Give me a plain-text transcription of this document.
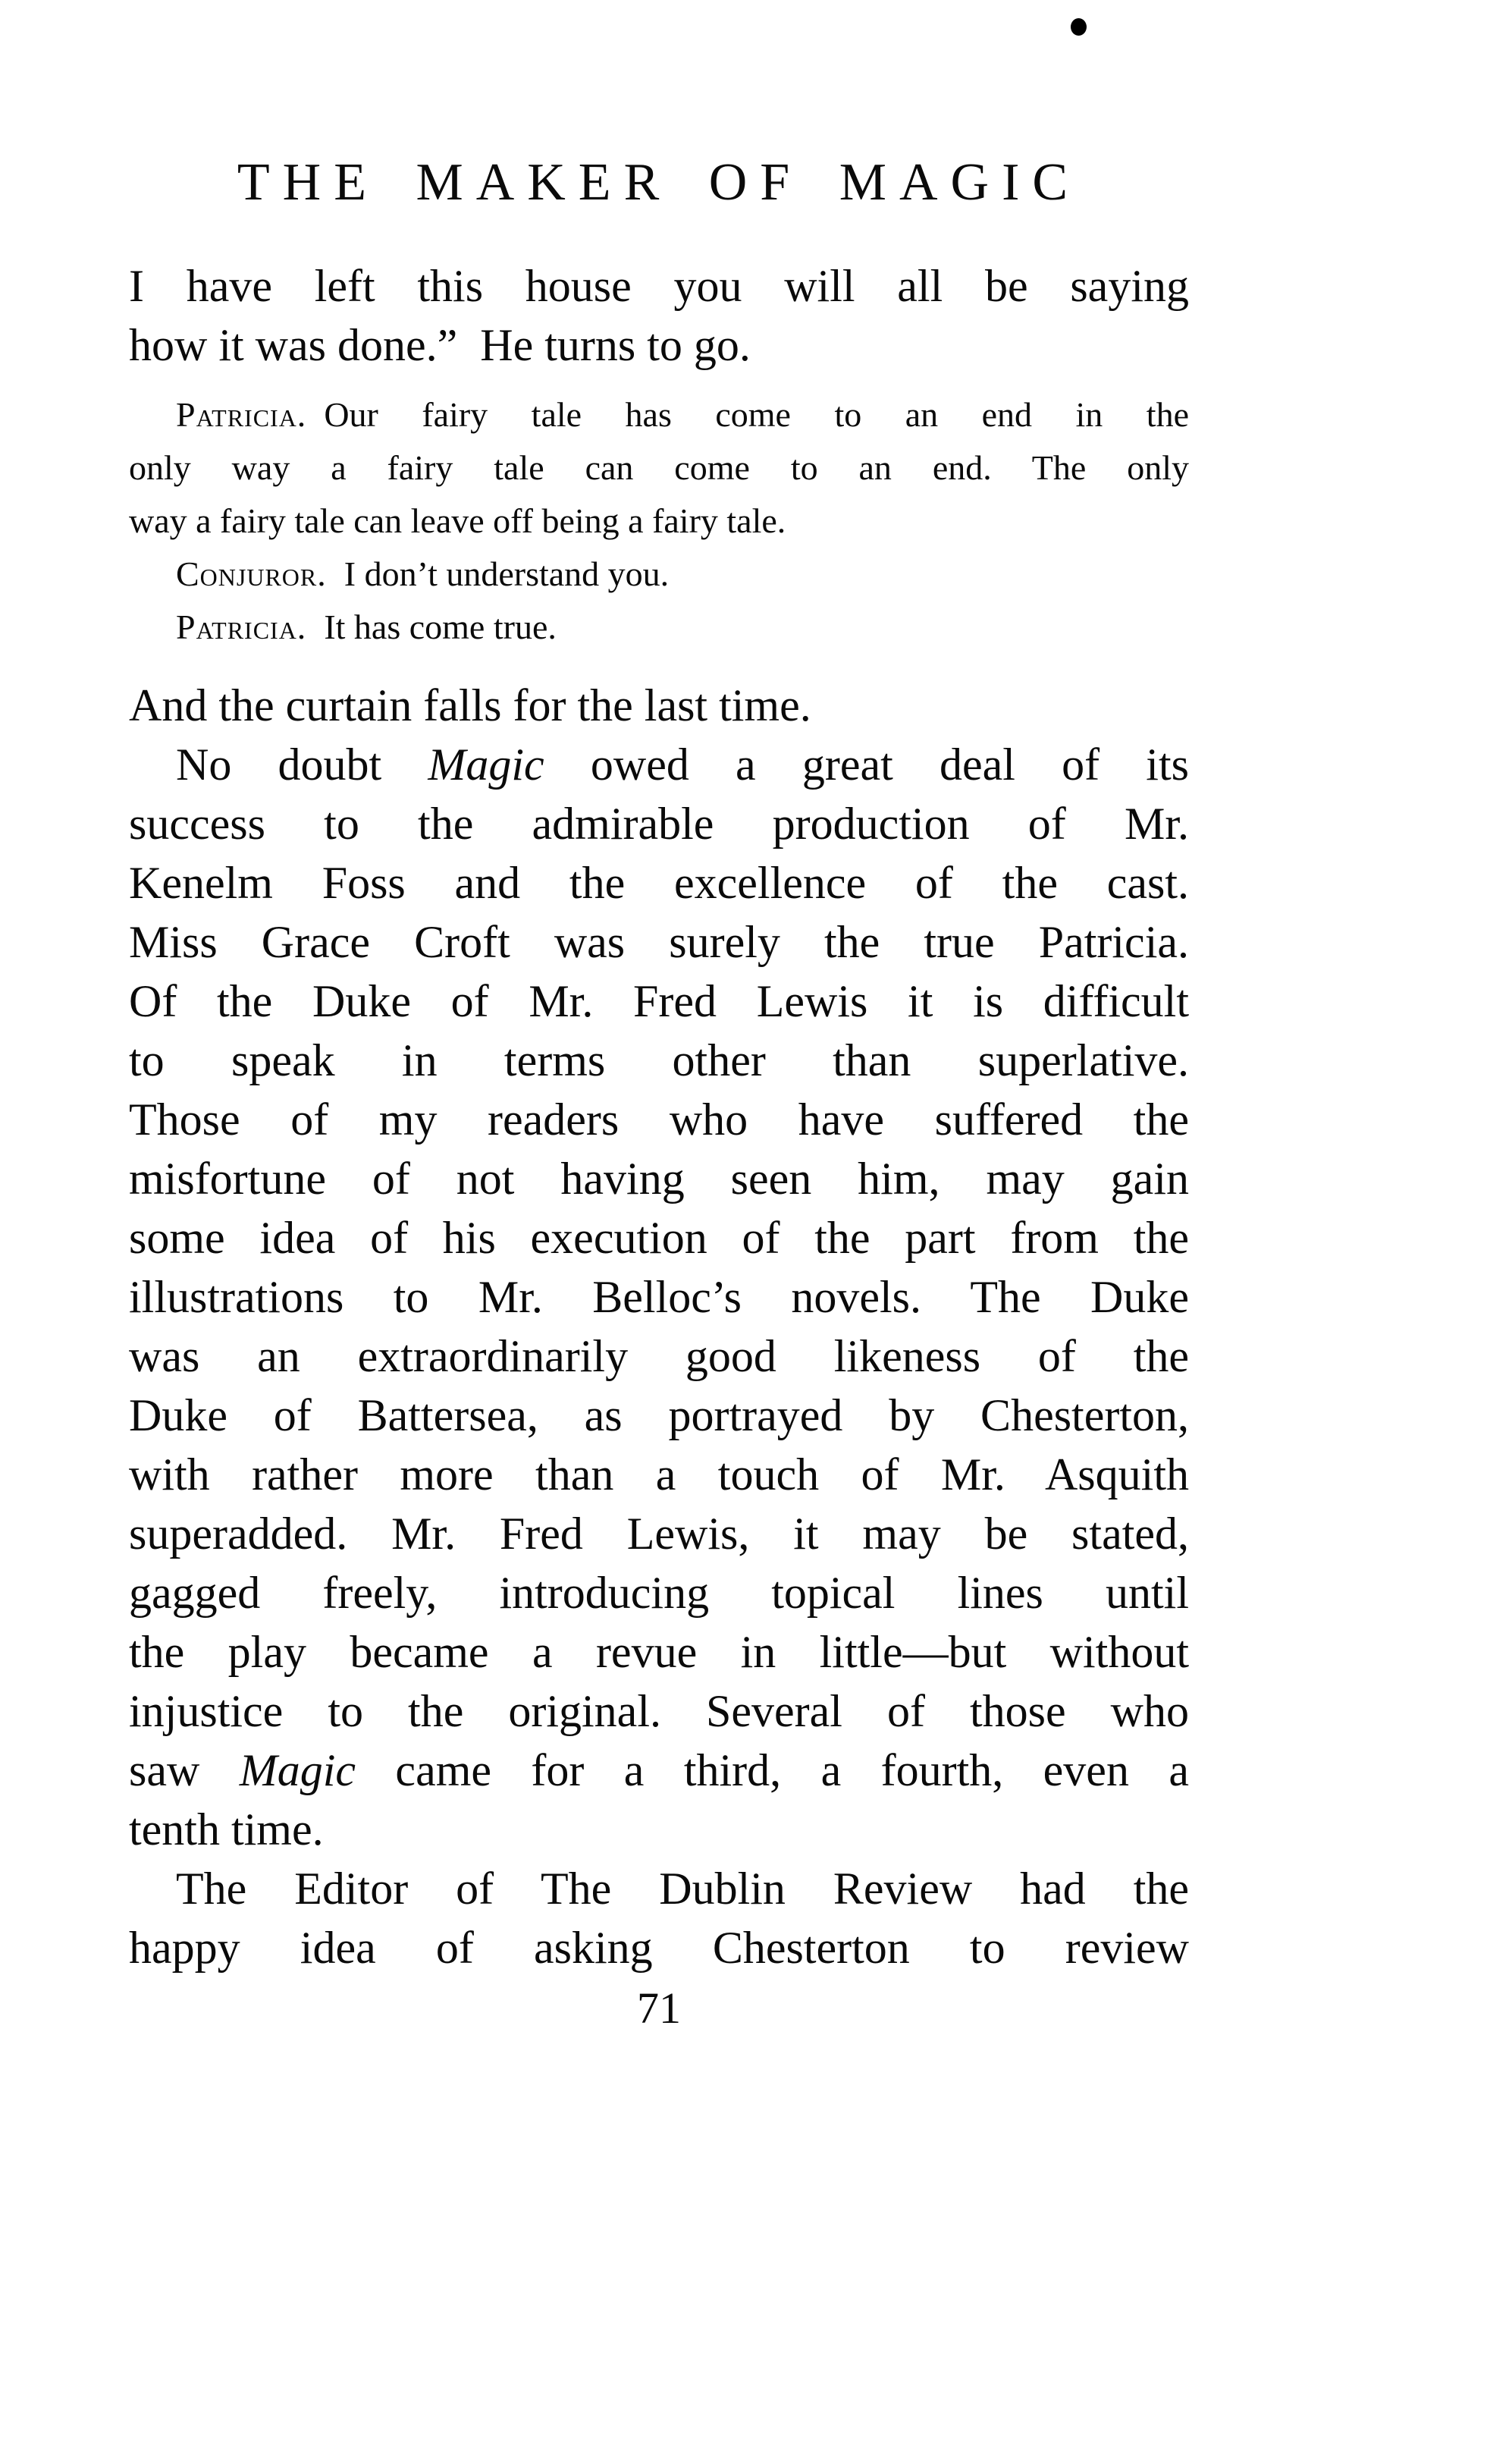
THE MAKER OF MAGIC
I have left this house you will all be saying
how it was done.” He turns to go.
Patricia. Our fairy tale has come to an end in the
only way a fairy tale can come to an end. The only
way a fairy tale can leave off being a fairy tale.
Conjuror. I don’t understand you.
Patricia. It has come true.
And the curtain falls for the last time.
No doubt Magic owed a great deal of its
success to the admirable production of Mr.
Kenelm Foss and the excellence of the cast.
Miss Grace Croft was surely the true Patricia.
Of the Duke of Mr. Fred Lewis it is difficult
to speak in terms other than superlative.
Those of my readers who have suffered the
misfortune of not having seen him, may gain
some idea of his execution of the part from the
illustrations to Mr. Belloc’s novels. The Duke
was an extraordinarily good likeness of the
Duke of Battersea, as portrayed by Chesterton,
with rather more than a touch of Mr. Asquith
superadded. Mr. Fred Lewis, it may be stated,
gagged freely, introducing topical lines until
the play became a revue in little—but without
injustice to the original. Several of those who
saw Magic came for a third, a fourth, even a
tenth time.
The Editor of The Dublin Review had the
happy idea of asking Chesterton to review
71
